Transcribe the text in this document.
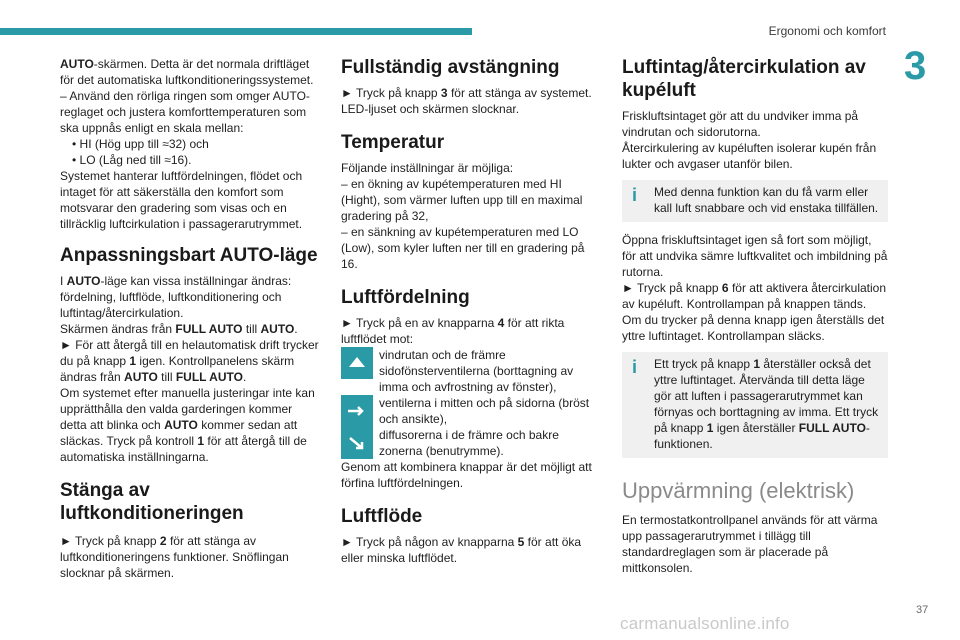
Ergonomi och komfort
3

AUTO-skärmen. Detta är det normala driftläget för det automatiska luftkonditioneringssystemet.

– Använd den rörliga ringen som omger AUTO-reglaget och justera komforttemperaturen som ska uppnås enligt en skala mellan:

• HI (Hög upp till ≈32) och

• LO (Låg ned till ≈16).

Systemet hanterar luftfördelningen, flödet och intaget för att säkerställa den komfort som motsvarar den gradering som visas och en tillräcklig luftcirkulation i passagerarutrymmet.

Anpassningsbart AUTO-läge

I AUTO-läge kan vissa inställningar ändras: fördelning, luftflöde, luftkonditionering och luftintag/återcirkulation.

Skärmen ändras från FULL AUTO till AUTO.

► För att återgå till en helautomatisk drift trycker du på knapp 1 igen. Kontrollpanelens skärm ändras från AUTO till FULL AUTO.

Om systemet efter manuella justeringar inte kan upprätthålla den valda garderingen kommer detta att blinka och AUTO kommer sedan att släckas. Tryck på kontroll 1 för att återgå till de automatiska inställningarna.

Stänga av luftkonditioneringen

► Tryck på knapp 2 för att stänga av luftkonditioneringens funktioner. Snöflingan slocknar på skärmen.

Fullständig avstängning

► Tryck på knapp 3 för att stänga av systemet. LED-ljuset och skärmen slocknar.

Temperatur

Följande inställningar är möjliga:

– en ökning av kupétemperaturen med HI (Hight), som värmer luften upp till en maximal gradering på 32,

– en sänkning av kupétemperaturen med LO (Low), som kyler luften ner till en gradering på 16.

Luftfördelning

► Tryck på en av knapparna 4 för att rikta luftflödet mot:

vindrutan och de främre sidofönsterventilerna (borttagning av imma och avfrostning av fönster),

ventilerna i mitten och på sidorna (bröst och ansikte),

diffusorerna i de främre och bakre zonerna (benutrymme).

Genom att kombinera knappar är det möjligt att förfina luftfördelningen.

Luftflöde

► Tryck på någon av knapparna 5 för att öka eller minska luftflödet.

Luftintag/återcirkulation av kupéluft

Friskluftsintaget gör att du undviker imma på vindrutan och sidorutorna.

Återcirkulering av kupéluften isolerar kupén från lukter och avgaser utanför bilen.

i	Med denna funktion kan du få varm eller kall luft snabbare och vid enstaka tillfällen.

Öppna friskluftsintaget igen så fort som möjligt, för att undvika sämre luftkvalitet och imbildning på rutorna.

► Tryck på knapp 6 för att aktivera återcirkulation av kupéluft. Kontrollampan på knappen tänds.

Om du trycker på denna knapp igen återställs det yttre luftintaget. Kontrollampan släcks.

i	Ett tryck på knapp 1 återställer också det yttre luftintaget. Återvända till detta läge gör att luften i passagerarutrymmet kan förnyas och borttagning av imma. Ett tryck på knapp 1 igen återställer FULL AUTO-funktionen.

Uppvärmning (elektrisk)

En termostatkontrollpanel används för att värma upp passagerarutrymmet i tillägg till standardreglagen som är placerade på mittkonsolen.

37
carmanualsonline.info
